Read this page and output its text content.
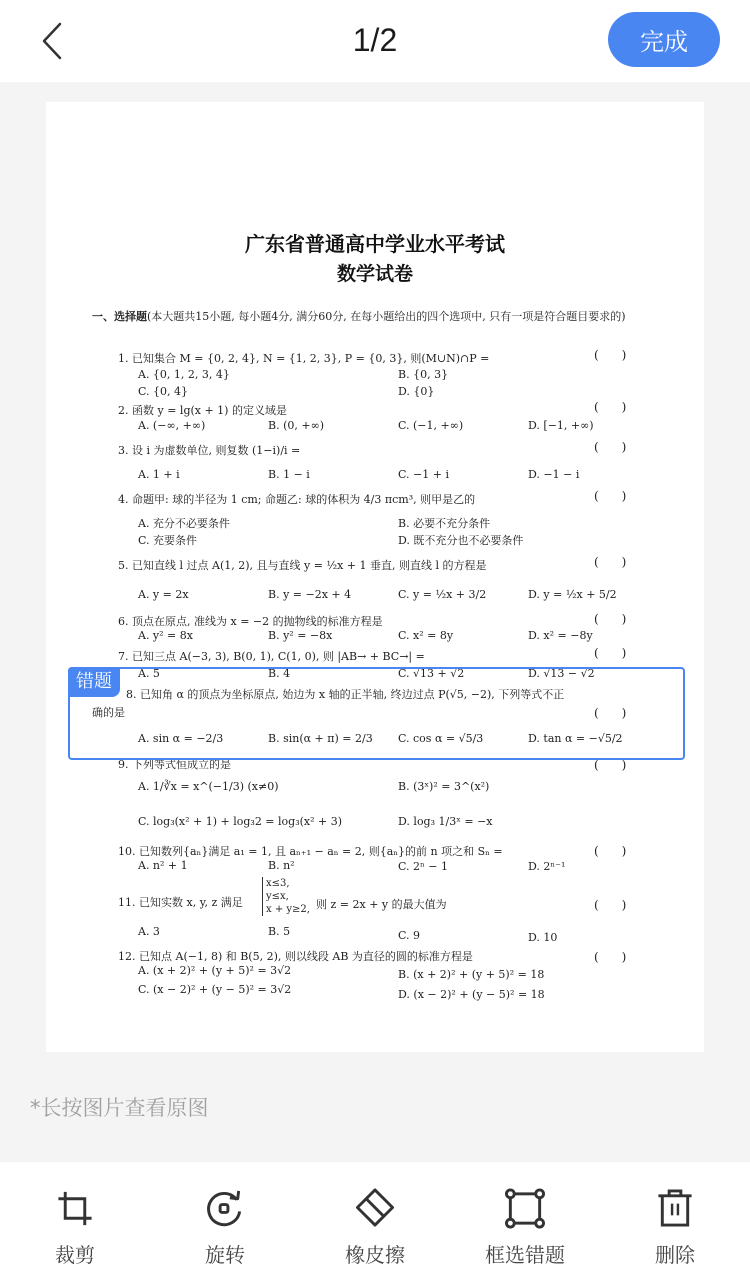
1/2	完成
广东省普通高中学业水平考试
数学试卷
一、选择题(本大题共15小题, 每小题4分, 满分60分, 在每小题给出的四个选项中, 只有一项是符合题目要求的)
1. 已知集合 M = {0, 2, 4}, N = {1, 2, 3}, P = {0, 3}, 则(M∪N)∩P =	(      )
A. {0, 1, 2, 3, 4}	B. {0, 3}
C. {0, 4}	D. {0}
2. 函数 y = lg(x + 1) 的定义域是	(      )
A. (−∞, +∞)	B. (0, +∞)	C. (−1, +∞)	D. [−1, +∞)
3. 设 i 为虚数单位, 则复数 (1−i)/i =	(      )
A. 1 + i	B. 1 − i	C. −1 + i	D. −1 − i
4. 命题甲: 球的半径为 1 cm; 命题乙: 球的体积为 4/3 πcm³, 则甲是乙的	(      )
A. 充分不必要条件	B. 必要不充分条件
C. 充要条件	D. 既不充分也不必要条件
5. 已知直线 l 过点 A(1, 2), 且与直线 y = ½x + 1 垂直, 则直线 l 的方程是	(      )
A. y = 2x	B. y = −2x + 4	C. y = ½x + 3/2	D. y = ½x + 5/2
6. 顶点在原点, 准线为 x = −2 的抛物线的标准方程是	(      )
A. y² = 8x	B. y² = −8x	C. x² = 8y	D. x² = −8y
7. 已知三点 A(−3, 3), B(0, 1), C(1, 0), 则 |AB→ + BC→| =	(      )
A. 5	B. 4	C. √13 + √2	D. √13 − √2
8. 已知角 α 的顶点为坐标原点, 始边为 x 轴的正半轴, 终边过点 P(√5, −2), 下列等式不正
确的是	(      )
A. sin α = −2/3	B. sin(α + π) = 2/3 C. cos α = √5/3	D. tan α = −√5/2
9. 下列等式恒成立的是	(      )
A. 1/∛x = x^(−1/3) (x≠0)	B. (3ˣ)² = 3^(x²)
C. log₃(x² + 1) + log₃2 = log₃(x² + 3)	D. log₃ 1/3ˣ = −x
10. 已知数列{aₙ}满足 a₁ = 1, 且 aₙ₊₁ − aₙ = 2, 则{aₙ}的前 n 项之和 Sₙ =	(      )
A. n² + 1	B. n²	C. 2ⁿ − 1	D. 2ⁿ⁻¹
11. 已知实数 x, y, z 满足
x≤3,
y≤x,
x + y≥2, 则 z = 2x + y 的最大值为	(      )
A. 3	B. 5	C. 9	D. 10
12. 已知点 A(−1, 8) 和 B(5, 2), 则以线段 AB 为直径的圆的标准方程是	(      )
A. (x + 2)² + (y + 5)² = 3√2	B. (x + 2)² + (y + 5)² = 18
C. (x − 2)² + (y − 5)² = 3√2	D. (x − 2)² + (y − 5)² = 18
错题
*长按图片查看原图
裁剪	旋转	橡皮擦	框选错题	删除
